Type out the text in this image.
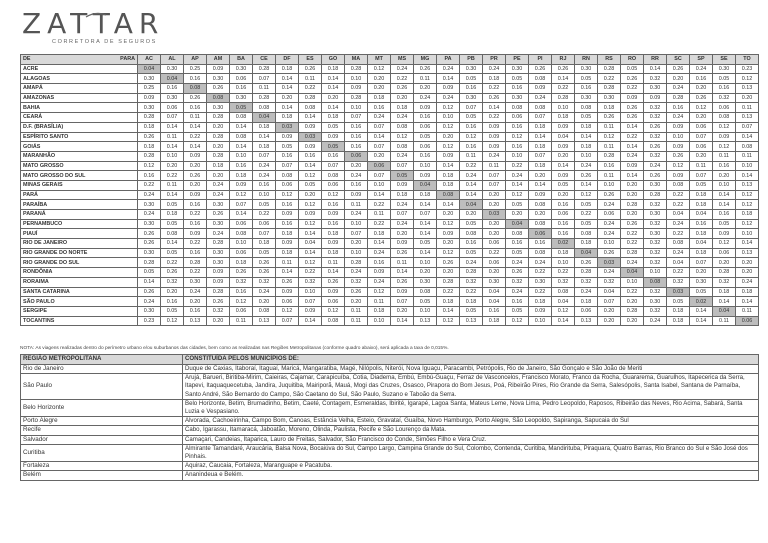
ZATTAR
CORRETORA DE SEGUROS
DE PARA	AC	AL	AP	AM	BA	CE	DF	ES	GO	MA	MT	MS	MG	PA	PB	PR	PE	PI	RJ	RN	RS	RO	RR	SC	SP	SE	TO
ACRE	0.04	0.30	0.25	0.09	0.30	0.28	0.18	0.26	0.18	0.28	0.12	0.24	0.26	0.24	0.30	0.24	0.30	0.26	0.26	0.30	0.28	0.05	0.14	0.26	0.24	0.30	0.23
ALAGOAS	0.30	0.04	0.16	0.30	0.06	0.07	0.14	0.11	0.14	0.10	0.20	0.22	0.11	0.14	0.05	0.18	0.05	0.08	0.14	0.05	0.22	0.26	0.32	0.20	0.16	0.05	0.12
AMAPÁ	0.25	0.16	0.08	0.26	0.16	0.11	0.14	0.22	0.14	0.09	0.20	0.26	0.20	0.09	0.16	0.22	0.16	0.09	0.22	0.16	0.28	0.22	0.30	0.24	0.20	0.16	0.13
AMAZONAS	0.09	0.30	0.26	0.08	0.30	0.28	0.20	0.28	0.20	0.28	0.18	0.20	0.24	0.24	0.30	0.26	0.30	0.24	0.28	0.30	0.30	0.09	0.09	0.28	0.26	0.32	0.20
BAHIA	0.30	0.06	0.16	0.30	0.05	0.08	0.14	0.08	0.14	0.10	0.16	0.18	0.09	0.12	0.07	0.14	0.08	0.08	0.10	0.08	0.18	0.26	0.32	0.16	0.12	0.06	0.11
CEARÁ	0.28	0.07	0.11	0.28	0.08	0.04	0.18	0.14	0.18	0.07	0.24	0.24	0.16	0.10	0.05	0.22	0.06	0.07	0.18	0.05	0.26	0.26	0.32	0.24	0.20	0.08	0.13
D.F. (BRASÍLIA)	0.18	0.14	0.14	0.20	0.14	0.18	0.03	0.09	0.05	0.16	0.07	0.08	0.06	0.12	0.16	0.09	0.16	0.18	0.09	0.18	0.11	0.14	0.26	0.09	0.06	0.12	0.07
ESPÍRITO SANTO	0.26	0.11	0.22	0.28	0.08	0.14	0.09	0.03	0.09	0.16	0.14	0.12	0.05	0.20	0.12	0.09	0.12	0.14	0.04	0.14	0.12	0.22	0.32	0.10	0.07	0.09	0.14
GOIÁS	0.18	0.14	0.14	0.20	0.14	0.18	0.05	0.09	0.05	0.16	0.07	0.08	0.06	0.12	0.16	0.09	0.16	0.18	0.09	0.18	0.11	0.14	0.26	0.09	0.06	0.12	0.08
MARANHÃO	0.28	0.10	0.09	0.28	0.10	0.07	0.16	0.16	0.16	0.06	0.20	0.24	0.16	0.09	0.11	0.24	0.10	0.07	0.20	0.10	0.28	0.24	0.32	0.26	0.20	0.11	0.11
MATO GROSSO	0.12	0.20	0.20	0.18	0.16	0.24	0.07	0.14	0.07	0.20	0.06	0.07	0.10	0.14	0.22	0.11	0.22	0.18	0.14	0.24	0.16	0.09	0.24	0.12	0.11	0.16	0.10
MATO GROSSO DO SUL	0.16	0.22	0.26	0.20	0.18	0.24	0.08	0.12	0.08	0.24	0.07	0.05	0.09	0.18	0.24	0.07	0.24	0.20	0.09	0.26	0.11	0.14	0.26	0.09	0.07	0.20	0.14
MINAS GERAIS	0.22	0.11	0.20	0.24	0.09	0.16	0.06	0.05	0.06	0.16	0.10	0.09	0.04	0.18	0.14	0.07	0.14	0.14	0.05	0.14	0.10	0.20	0.30	0.08	0.05	0.10	0.13
PARÁ	0.24	0.14	0.09	0.24	0.12	0.10	0.12	0.20	0.12	0.09	0.14	0.18	0.18	0.08	0.14	0.20	0.12	0.09	0.20	0.12	0.26	0.20	0.28	0.22	0.18	0.14	0.12
PARAÍBA	0.30	0.05	0.16	0.30	0.07	0.05	0.16	0.12	0.16	0.11	0.22	0.24	0.14	0.14	0.04	0.20	0.05	0.08	0.16	0.05	0.24	0.28	0.32	0.22	0.18	0.14	0.12
PARANÁ	0.24	0.18	0.22	0.26	0.14	0.22	0.09	0.09	0.09	0.24	0.11	0.07	0.07	0.20	0.20	0.03	0.20	0.20	0.06	0.22	0.06	0.20	0.30	0.04	0.04	0.16	0.18
PERNAMBUCO	0.30	0.05	0.16	0.30	0.06	0.06	0.16	0.12	0.16	0.10	0.22	0.24	0.14	0.12	0.05	0.20	0.04	0.08	0.16	0.05	0.24	0.26	0.32	0.24	0.16	0.05	0.12
PIAUÍ	0.26	0.08	0.09	0.24	0.08	0.07	0.18	0.14	0.18	0.07	0.18	0.20	0.14	0.09	0.08	0.20	0.08	0.06	0.16	0.08	0.24	0.22	0.30	0.22	0.18	0.09	0.10
RIO DE JANEIRO	0.26	0.14	0.22	0.28	0.10	0.18	0.09	0.04	0.09	0.20	0.14	0.09	0.05	0.20	0.16	0.06	0.16	0.16	0.02	0.18	0.10	0.22	0.32	0.08	0.04	0.12	0.14
RIO GRANDE DO NORTE	0.30	0.05	0.16	0.30	0.06	0.05	0.18	0.14	0.18	0.10	0.24	0.26	0.14	0.12	0.05	0.22	0.05	0.08	0.18	0.04	0.26	0.28	0.32	0.24	0.18	0.06	0.13
RIO GRANDE DO SUL	0.28	0.22	0.28	0.30	0.18	0.26	0.11	0.12	0.11	0.28	0.16	0.11	0.10	0.26	0.24	0.06	0.24	0.24	0.10	0.26	0.03	0.24	0.32	0.04	0.07	0.20	0.20
RONDÔNIA	0.05	0.26	0.22	0.09	0.26	0.26	0.14	0.22	0.14	0.24	0.09	0.14	0.20	0.20	0.28	0.20	0.26	0.22	0.22	0.28	0.24	0.04	0.10	0.22	0.20	0.28	0.20
RORAIMA	0.14	0.32	0.30	0.09	0.32	0.32	0.26	0.32	0.26	0.32	0.24	0.26	0.30	0.28	0.32	0.30	0.32	0.30	0.32	0.32	0.32	0.10	0.08	0.32	0.30	0.32	0.24
SANTA CATARINA	0.26	0.20	0.24	0.28	0.16	0.24	0.09	0.10	0.09	0.26	0.12	0.09	0.08	0.22	0.22	0.04	0.24	0.22	0.08	0.24	0.04	0.22	0.32	0.03	0.05	0.18	0.18
SÃO PAULO	0.24	0.16	0.20	0.26	0.12	0.20	0.06	0.07	0.06	0.20	0.11	0.07	0.05	0.18	0.18	0.04	0.16	0.18	0.04	0.18	0.07	0.20	0.30	0.05	0.02	0.14	0.14
SERGIPE	0.30	0.05	0.16	0.32	0.06	0.08	0.12	0.09	0.12	0.11	0.18	0.20	0.10	0.14	0.05	0.16	0.05	0.09	0.12	0.06	0.20	0.28	0.32	0.18	0.14	0.04	0.11
TOCANTINS	0.23	0.12	0.13	0.20	0.11	0.13	0.07	0.14	0.08	0.11	0.10	0.14	0.13	0.12	0.13	0.18	0.12	0.10	0.14	0.13	0.20	0.20	0.24	0.18	0.14	0.11	0.06
NOTA: As viagens realizadas dentro do perímetro urbano e/ou suburbanos das cidades, bem como as realizadas nas Regiões Metropolitanas (conforme quadro abaixo), será aplicada a taxa de 0,015%.
REGIÃO METROPOLITANA	CONSTITUÍDA PELOS MUNICÍPIOS DE:
Rio de Janeiro	Duque de Caxias, Itaboraí, Itaguaí, Maricá, Mangaratiba, Magé, Nilópolis, Niterói, Nova Iguaçu, Paracambi, Petrópolis, Rio de Janeiro, São Gonçalo e São João de Meriti
São Paulo	Arujá, Barueri, Biritiba-Mirim, Caieiras, Cajamar, Carapicuíba, Cotia, Diadema, Embú, Embú-Guaçu, Ferraz de Vasconcelos, Francisco Morato, Franco da Rocha, Guararema, Guarulhos, Itapecerica da Serra, Itapevi, Itaquaquecetuba, Jandira, Juquitiba, Mairiporã, Mauá, Mogi das Cruzes, Osasco, Pirapora do Bom Jesus, Poá, Ribeirão Pires, Rio Grande da Serra, Salesópolis, Santa Isabel, Santana de Parnaíba, Santo André, São Bernardo do Campo, São Caetano do Sul, São Paulo, Suzano e Taboão da Serra.
Belo Horizonte	Belo Horizonte, Betim, Brumadinho, Betim, Caeté, Contagem, Esmeraldas, Ibirité, Igarapé, Lagoa Santa, Mateus Leme, Nova Lima, Pedro Leopoldo, Raposos, Ribeirão das Neves, Rio Acima, Sabará, Santa Luzia e Vespasiano.
Porto Alegre	Alvorada, Cachoeirinha, Campo Bom, Canoas, Estância Velha, Esteio, Gravataí, Guaíba, Novo Hamburgo, Porto Alegre, São Leopoldo, Sapiranga, Sapucaia do Sul
Recife	Cabo, Igarassu, Itamaracá, Jaboatão, Moreno, Olinda, Paulista, Recife e São Lourenço da Mata.
Salvador	Camaçari, Candeias, Itaparica, Lauro de Freitas, Salvador, São Francisco do Conde, Simões Filho e Vera Cruz.
Curitiba	Almirante Tamandaré, Araucária, Balsa Nova, Bocaiúva do Sul, Campo Largo, Campina Grande do Sul, Colombo, Contenda, Curitiba, Mandirituba, Piraquara, Quatro Barras, Rio Branco do Sul e São José dos Pinhais.
Fortaleza	Aquiraz, Caucaia, Fortaleza, Maranguape e Pacatuba.
Belém	Ananindeua e Belém.
